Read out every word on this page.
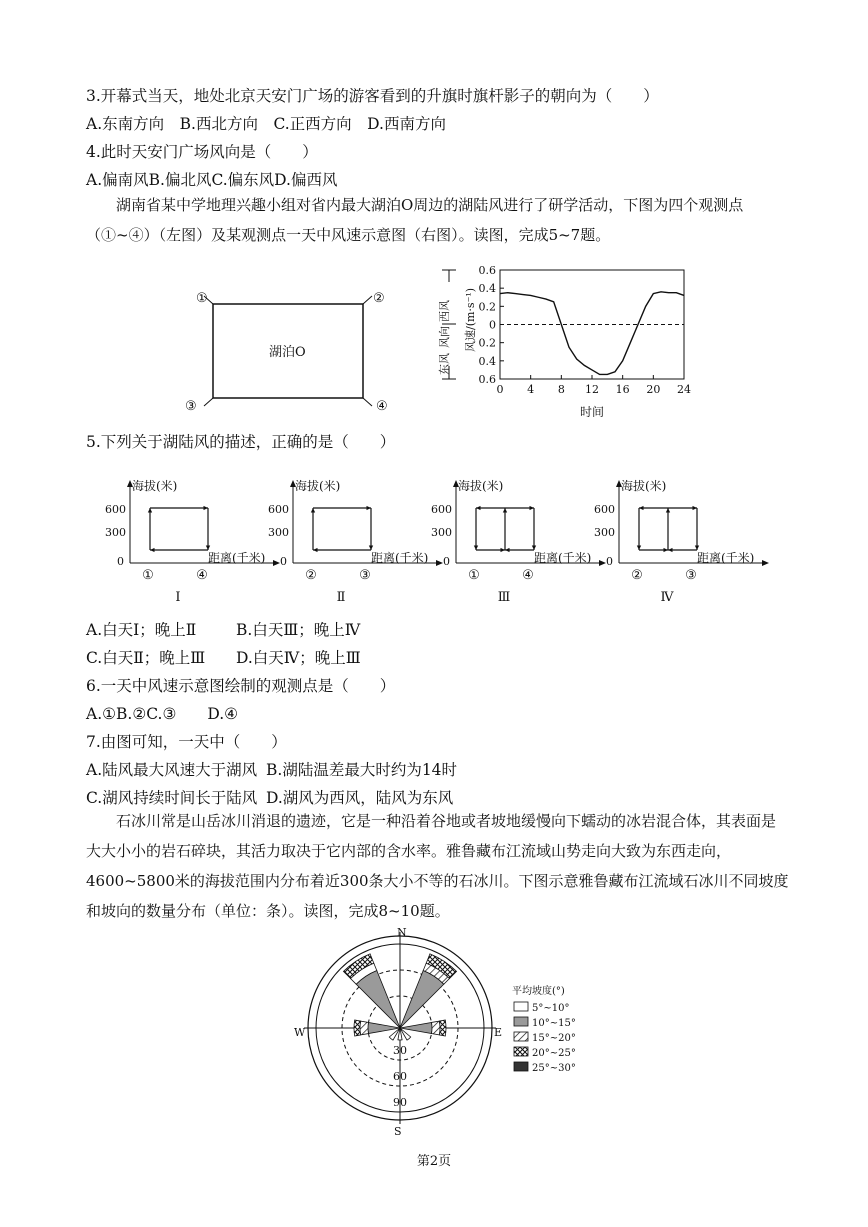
3.开幕式当天，地处北京天安门广场的游客看到的升旗时旗杆影子的朝向为（　　）
A.东南方向　B.西北方向　C.正西方向　D.西南方向
4.此时天安门广场风向是（　　）
A.偏南风B.偏北风C.偏东风D.偏西风
湖南省某中学地理兴趣小组对省内最大湖泊O周边的湖陆风进行了研学活动，下图为四个观测点（①~④）（左图）及某观测点一天中风速示意图（右图）。读图，完成5~7题。
①	②
③	④
湖泊O
0.6
0.4
0.2
0
0.2
0.4
0.6
0 4 8 12 16 20 24
时间
风速/(m·s⁻¹)
西风
风向
东风
5.下列关于湖陆风的描述，正确的是（　　）
海拔(米)
距离(千米)
600
300
0
①	④
Ⅰ
海拔(米)
距离(千米)
600
300
0
②	③
Ⅱ
海拔(米)
距离(千米)
600
300
0
①	④
Ⅲ
海拔(米)
距离(千米)
600
300
0
②	③
Ⅳ
A.白天Ⅰ；晚上Ⅱ	B.白天Ⅲ；晚上Ⅳ
C.白天Ⅱ；晚上Ⅲ D.白天Ⅳ；晚上Ⅲ
6.一天中风速示意图绘制的观测点是（　　）
A.①B.②C.③　　D.④
7.由图可知，一天中（　　）
A.陆风最大风速大于湖风 B.湖陆温差最大时约为14时
C.湖风持续时间长于陆风 D.湖风为西风，陆风为东风
石冰川常是山岳冰川消退的遗迹，它是一种沿着谷地或者坡地缓慢向下蠕动的冰岩混合体，其表面是大大小小的岩石碎块，其活力取决于它内部的含水率。雅鲁藏布江流域山势走向大致为东西走向，4600~5800米的海拔范围内分布着近300条大小不等的石冰川。下图示意雅鲁藏布江流域石冰川不同坡度和坡向的数量分布（单位：条）。读图，完成8~10题。
N
S
W	E
30
60
90
平均坡度(°)
5°~10°
10°~15°
15°~20°
20°~25°
25°~30°
第2页
